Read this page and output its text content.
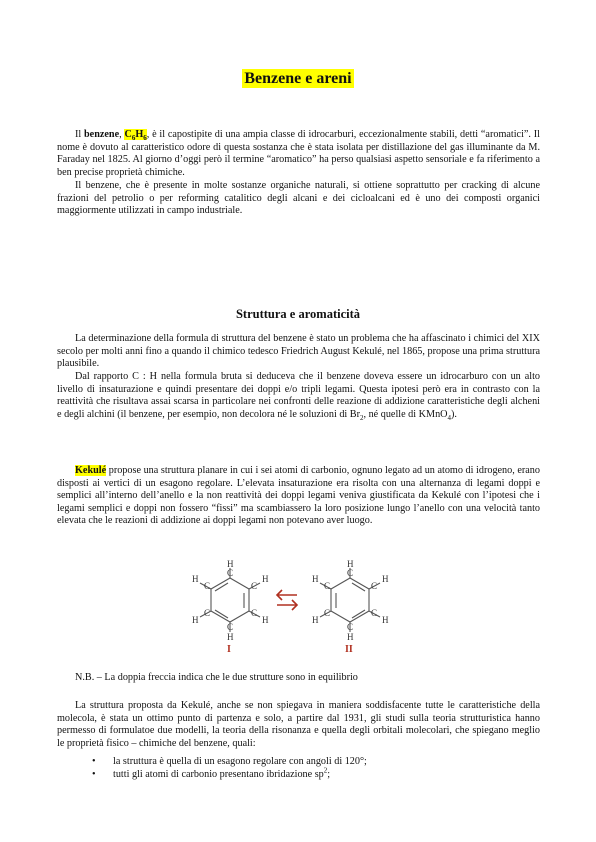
Benzene e areni

Il benzene, $C_6H_6$, è il capostipite di una ampia classe di idrocarburi, eccezionalmente stabili, detti “aromatici”. Il nome è dovuto al caratteristico odore di questa sostanza che è stata isolata per distillazione del gas illuminante da M. Faraday nel 1825. Al giorno d’oggi però il termine “aromatico” ha perso qualsiasi aspetto sensoriale e fa riferimento a ben precise proprietà chimiche.

Il benzene, che è presente in molte sostanze organiche naturali, si ottiene soprattutto per cracking di alcune frazioni del petrolio o per reforming catalitico degli alcani e dei cicloalcani ed è uno dei composti organici maggiormente utilizzati in campo industriale.

Struttura e aromaticità

La determinazione della formula di struttura del benzene è stato un problema che ha affascinato i chimici del XIX secolo per molti anni fino a quando il chimico tedesco Friedrich August Kekulé, nel 1865, propose una prima struttura plausibile.

Dal rapporto C : H nella formula bruta si deduceva che il benzene doveva essere un idrocarburo con un alto livello di insaturazione e quindi presentare dei doppi e/o tripli legami. Questa ipotesi però era in contrasto con la reattività che risultava assai scarsa in particolare nei confronti delle reazione di addizione caratteristiche degli alcheni e degli alchini (il benzene, per esempio, non decolora né le soluzioni di $Br_2$, né quelle di KMnO$_4$).

Kekulé propose una struttura planare in cui i sei atomi di carbonio, ognuno legato ad un atomo di idrogeno, erano disposti ai vertici di un esagono regolare. L’elevata insaturazione era risolta con una alternanza di legami doppi e semplici all’interno dell’anello e la non reattività dei doppi legami veniva giustificata da Kekulé con l’ipotesi che i legami semplici e doppi non fossero “fissi” ma scambiassero la loro posizione lungo l’anello con una velocità tanto elevata che le reazioni di addizione ai doppi legami non potevano aver luogo.

C
H
C
H
C
H
C
H
C
H
C
H
I
C
H
C
H
C
H
C
H
C
H
C
H
II

N.B. – La doppia freccia indica che le due strutture sono in equilibrio

La struttura proposta da Kekulé, anche se non spiegava in maniera soddisfacente tutte le caratteristiche della molecola, è stata un ottimo punto di partenza e solo, a partire dal 1931, gli studi sulla teoria strutturistica hanno permesso di formulatoe due modelli, la teoria della risonanza e quella degli orbitali molecolari, che spiegano meglio le proprietà fisico – chimiche del benzene, quali:

• la struttura è quella di un esagono regolare con angoli di 120°;
• tutti gli atomi di carbonio presentano ibridazione $sp^2$;
